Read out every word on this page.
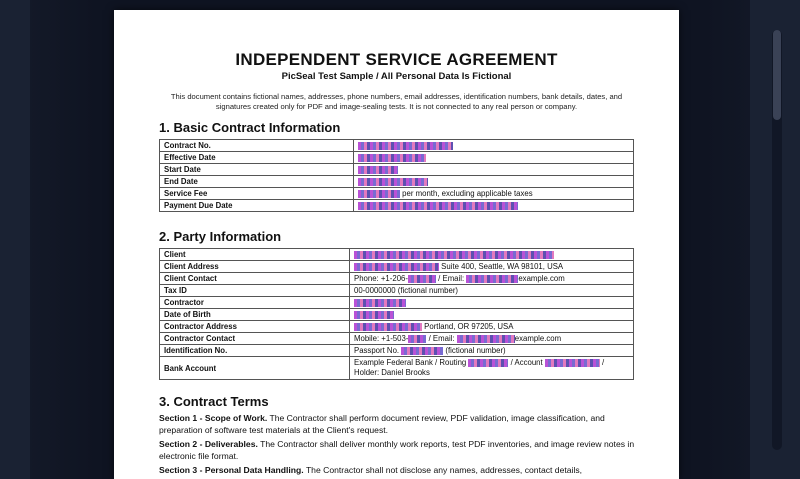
INDEPENDENT SERVICE AGREEMENT
PicSeal Test Sample / All Personal Data Is Fictional
This document contains fictional names, addresses, phone numbers, email addresses, identification numbers, bank details, dates, and signatures created only for PDF and image-sealing tests. It is not connected to any real person or company.
1. Basic Contract Information
Contract No.	
Effective Date	
Start Date	
End Date	
Service Fee	per month, excluding applicable taxes
Payment Due Date	
2. Party Information
Client	
Client Address	Suite 400, Seattle, WA 98101, USA
Client Contact	Phone: +1-206- / Email: example.com
Tax ID	00-0000000 (fictional number)
Contractor	
Date of Birth	
Contractor Address	Portland, OR 97205, USA
Contractor Contact	Mobile: +1-503- / Email: example.com
Identification No.	Passport No. (fictional number)
Bank Account	Example Federal Bank / Routing / Account /
Holder: Daniel Brooks
3. Contract Terms
Section 1 - Scope of Work. The Contractor shall perform document review, PDF validation, image classification, and preparation of software test materials at the Client's request.
Section 2 - Deliverables. The Contractor shall deliver monthly work reports, test PDF inventories, and image review notes in electronic file format.
Section 3 - Personal Data Handling. The Contractor shall not disclose any names, addresses, contact details,
